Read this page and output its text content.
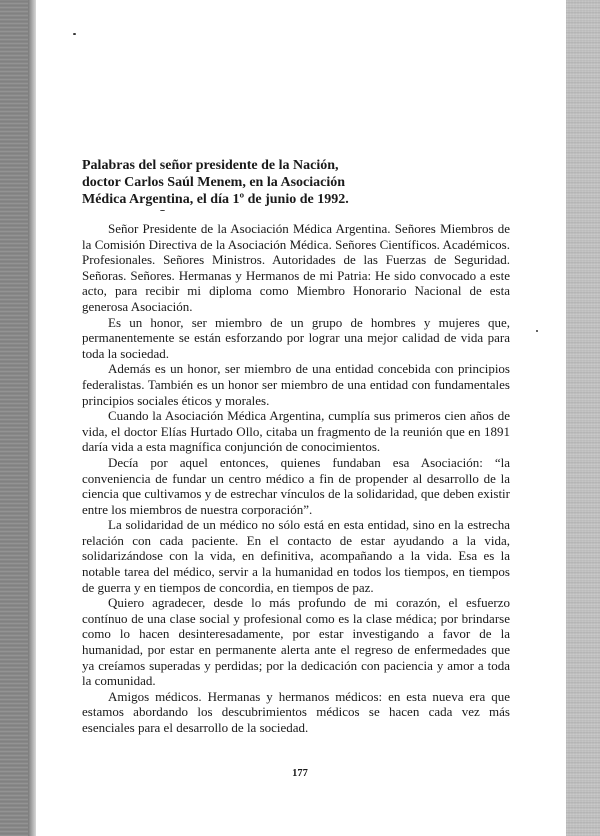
Palabras del señor presidente de la Nación,
doctor Carlos Saúl Menem, en la Asociación
Médica Argentina, el día 1º de junio de 1992.

Señor Presidente de la Asociación Médica Argentina. Señores Miembros de la Comisión Directiva de la Asociación Médica. Señores Científicos. Académicos. Profesionales. Señores Ministros. Autoridades de las Fuerzas de Seguridad. Señoras. Señores. Hermanas y Hermanos de mi Patria: He sido convocado a este acto, para recibir mi diploma como Miembro Honorario Nacional de esta generosa Asociación.

Es un honor, ser miembro de un grupo de hombres y mujeres que, permanentemente se están esforzando por lograr una mejor calidad de vida para toda la sociedad.

Además es un honor, ser miembro de una entidad concebida con principios federalistas. También es un honor ser miembro de una entidad con fundamentales principios sociales éticos y morales.

Cuando la Asociación Médica Argentina, cumplía sus primeros cien años de vida, el doctor Elías Hurtado Ollo, citaba un fragmento de la reunión que en 1891 daría vida a esta magnífica conjunción de conocimientos.

Decía por aquel entonces, quienes fundaban esa Asociación: “la conveniencia de fundar un centro médico a fin de propender al desarrollo de la ciencia que cultivamos y de estrechar vínculos de la solidaridad, que deben existir entre los miembros de nuestra corporación”.

La solidaridad de un médico no sólo está en esta entidad, sino en la estrecha relación con cada paciente. En el contacto de estar ayudando a la vida, solidarizándose con la vida, en definitiva, acompañando a la vida. Esa es la notable tarea del médico, servir a la humanidad en todos los tiempos, en tiempos de guerra y en tiempos de concordia, en tiempos de paz.

Quiero agradecer, desde lo más profundo de mi corazón, el esfuerzo contínuo de una clase social y profesional como es la clase médica; por brindarse como lo hacen desinteresadamente, por estar investigando a favor de la humanidad, por estar en permanente alerta ante el regreso de enfermedades que ya creíamos superadas y perdidas; por la dedicación con paciencia y amor a toda la comunidad.

Amigos médicos. Hermanas y hermanos médicos: en esta nueva era que estamos abordando los descubrimientos médicos se hacen cada vez más esenciales para el desarrollo de la sociedad.

177
